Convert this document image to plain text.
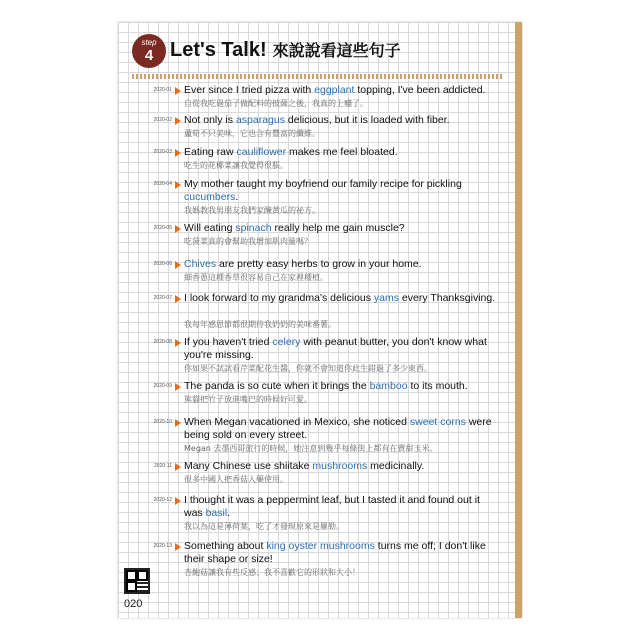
step
4 Let's Talk! 來說說看這些句子
2020-01 Ever since I tried pizza with eggplant topping, I've been addicted.
自從我吃過茄子做配料的披薩之後，我真的上癮了。
2020-02 Not only is asparagus delicious, but it is loaded with fiber.
蘆筍不只美味，它也含有豐富的纖維。
2020-03 Eating raw cauliflower makes me feel bloated.
吃生的花椰菜讓我覺得很脹。
2020-04 My mother taught my boyfriend our family recipe for pickling cucumbers.
我媽教我男朋友我們家醃黃瓜的祕方。
2020-05 Will eating spinach really help me gain muscle?
吃菠菜真的會幫助我增加肌肉量嗎？
2020-06 Chives are pretty easy herbs to grow in your home.
細香蔥這種香草很容易自己在家裡種植。
2020-07 I look forward to my grandma's delicious yams every Thanksgiving.
我每年感恩節都很期待我奶奶的美味番薯。
2020-08 If you haven't tried celery with peanut butter, you don't know what you're missing.
你如果不試試看芹菜配花生醬，你就不會知道你此生錯過了多少東西。
2020-09 The panda is so cute when it brings the bamboo to its mouth.
熊貓把竹子放進嘴巴的時候好可愛。
2020-10 When Megan vacationed in Mexico, she noticed sweet corns were being sold on every street.
Megan 去墨西哥旅行的時候，她注意到幾乎每條街上都有在賣甜玉米。
2020-11 Many Chinese use shiitake mushrooms medicinally.
很多中國人把香菇入藥使用。
2020-12 I thought it was a peppermint leaf, but I tasted it and found out it was basil.
我以為這是薄荷葉，吃了才發現原來是羅勒。
2020-13 Something about king oyster mushrooms turns me off; I don't like their shape or size!
杏鮑菇讓我有些反感；我不喜歡它的形狀和大小！
020
